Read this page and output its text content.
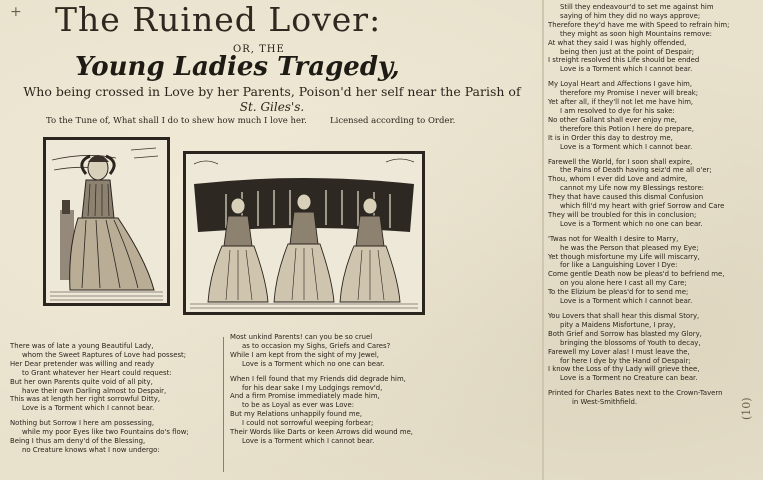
+ The Ruined Lover:
OR, THE
Young Ladies Tragedy,
Who being crossed in Love by her Parents, Poison'd her self near the Parish of
St. Giles's.
To the Tune of, What shall I do to shew how much I love her.	Licensed according to Order.
There was of late a young Beautiful Lady,
whom the Sweet Raptures of Love had possest;
Her Dear pretender was willing and ready
to Grant whatever her Heart could request:
But her own Parents quite void of all pity,
have their own Darling almost to Despair,
This was at length her right sorrowful Ditty,
Love is a Torment which I cannot bear.
Nothing but Sorrow I here am possessing,
while my poor Eyes like two Fountains do's flow;
Being I thus am deny'd of the Blessing,
no Creature knows what I now undergo:
Most unkind Parents! can you be so cruel
as to occasion my Sighs, Griefs and Cares?
While I am kept from the sight of my Jewel,
Love is a Torment which no one can bear.
When I fell found that my Friends did degrade him,
for his dear sake I my Lodgings remov'd,
And a firm Promise immediately made him,
to be as Loyal as ever was Love:
But my Relations unhappily found me,
I could not sorrowful weeping forbear;
Their Words like Darts or keen Arrows did wound me,
Love is a Torment which I cannot bear.
Still they endeavour'd to set me against him
saying of him they did no ways approve;
Therefore they'd have me with Speed to refrain him;
they might as soon high Mountains remove:
At what they said I was highly offended,
being then just at the point of Despair;
I streight resolved this Life should be ended
Love is a Torment which I cannot bear.
My Loyal Heart and Affections I gave him,
therefore my Promise I never will break;
Yet after all, if they'll not let me have him,
I am resolved to dye for his sake:
No other Gallant shall ever enjoy me,
therefore this Potion I here do prepare,
It is in Order this day to destroy me,
Love is a Torment which I cannot bear.
Farewell the World, for I soon shall expire,
the Pains of Death having seiz'd me all o'er;
Thou, whom I ever did Love and admire,
cannot my Life now my Blessings restore:
They that have caused this dismal Confusion
which fill'd my heart with grief Sorrow and Care
They will be troubled for this in conclusion;
Love is a Torment which no one can bear.
'Twas not for Wealth I desire to Marry,
he was the Person that pleased my Eye;
Yet though misfortune my Life will miscarry,
for like a Languishing Lover I Dye:
Come gentle Death now be pleas'd to befriend me,
on you alone here I cast all my Care;
To the Elizium be pleas'd for to send me;
Love is a Torment which I cannot bear.
You Lovers that shall hear this dismal Story,
pity a Maidens Misfortune, I pray,
Both Grief and Sorrow has blasted my Glory,
bringing the blossoms of Youth to decay,
Farewell my Lover alas! I must leave the,
for here I dye by the Hand of Despair;
I know the Loss of thy Lady will grieve thee,
Love is a Torment no Creature can bear.
Printed for Charles Bates next to the Crown-Tavern
in West-Smithfield.	(10)
